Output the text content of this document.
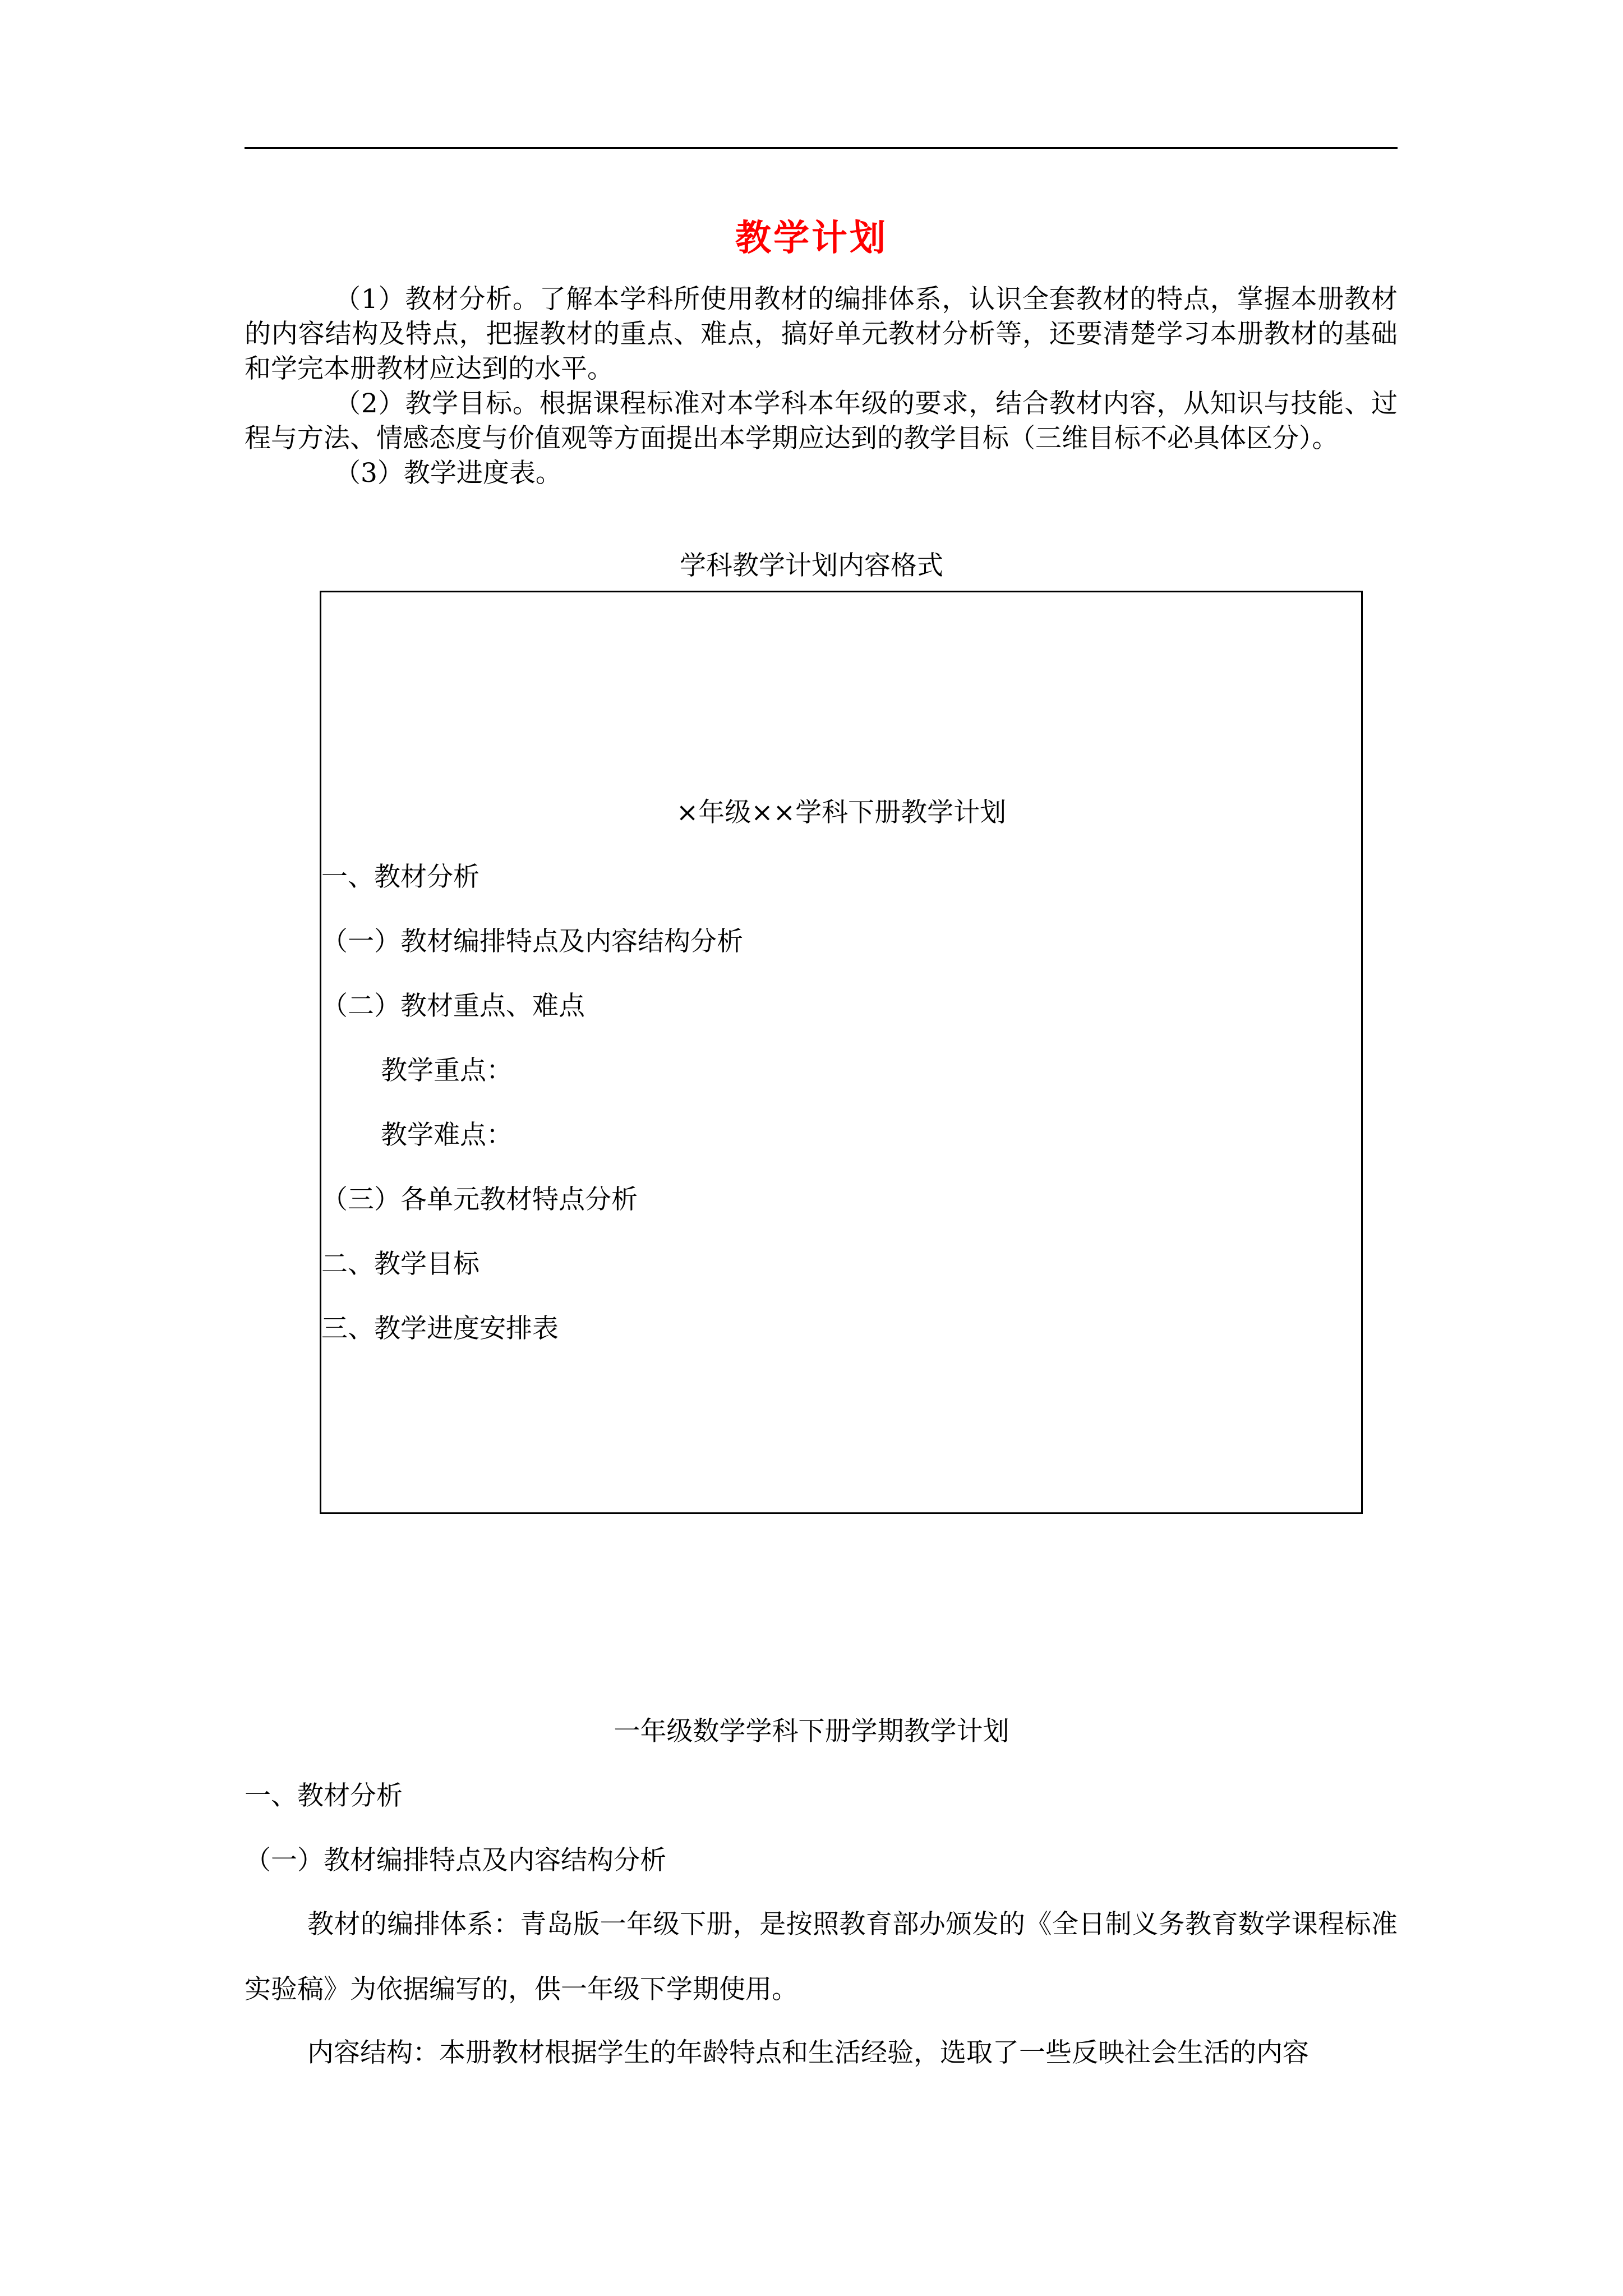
教学计划

（1）教材分析。了解本学科所使用教材的编排体系，认识全套教材的特点，掌握本册教材的内容结构及特点，把握教材的重点、难点，搞好单元教材分析等，还要清楚学习本册教材的基础和学完本册教材应达到的水平。

（2）教学目标。根据课程标准对本学科本年级的要求，结合教材内容，从知识与技能、过程与方法、情感态度与价值观等方面提出本学期应达到的教学目标（三维目标不必具体区分）。

（3）教学进度表。

学科教学计划内容格式
×年级××学科下册教学计划
一、教材分析
（一）教材编排特点及内容结构分析
（二）教材重点、难点
教学重点：
教学难点：
（三）各单元教材特点分析
二、教学目标
三、教学进度安排表
一年级数学学科下册学期教学计划
一、教材分析
（一）教材编排特点及内容结构分析

教材的编排体系：青岛版一年级下册，是按照教育部办颁发的《全日制义务教育数学课程标准实验稿》为依据编写的，供一年级下学期使用。

内容结构：本册教材根据学生的年龄特点和生活经验，选取了一些反映社会生活的内容
